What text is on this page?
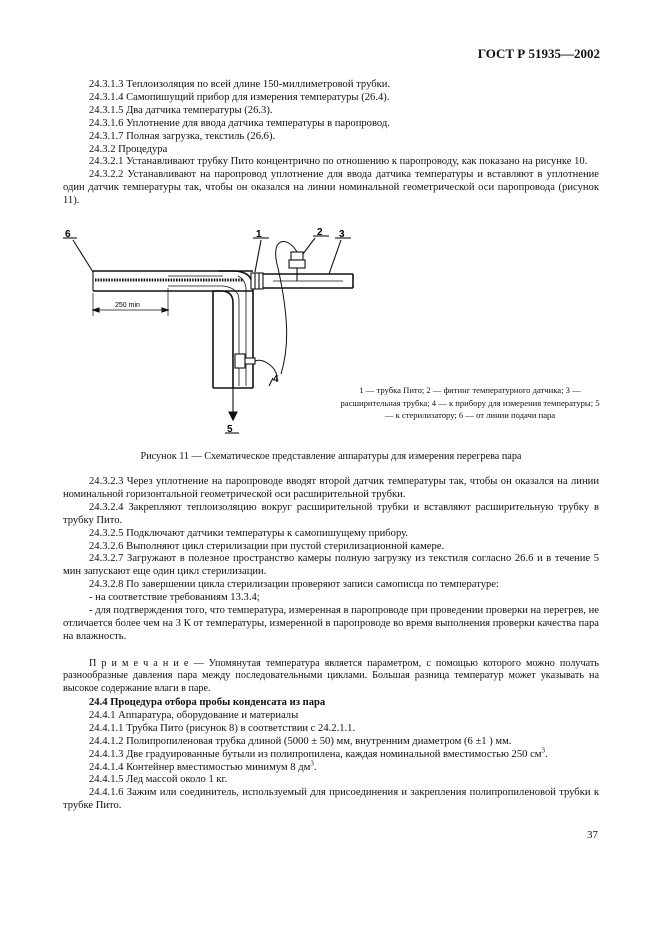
ГОСТ Р 51935—2002

24.3.1.3 Теплоизоляция по всей длине 150-миллиметровой трубки.

24.3.1.4 Самопишущий прибор для измерения температуры (26.4).

24.3.1.5 Два датчика температуры (26.3).

24.3.1.6 Уплотнение для ввода датчика температуры в паропровод.

24.3.1.7 Полная загрузка, текстиль (26.6).

24.3.2 Процедура

24.3.2.1 Устанавливают трубку Пито концентрично по отношению к паропроводу, как показано на рисунке 10.

24.3.2.2 Устанавливают на паропровод уплотнение для ввода датчика температуры и вставляют в уплотнение один датчик температуры так, чтобы он оказался на линии номинальной геометрической оси паропровода (рисунок 11).

6	1	2 3
4
5
250 min
1 — трубка Пито; 2 — фитинг температурного датчика; 3 — расширительная трубка; 4 — к прибору для измерения температуры; 5 — к стерилизатору; 6 — от линии подачи пара
Рисунок 11 — Схематическое представление аппаратуры для измерения перегрева пара

24.3.2.3 Через уплотнение на паропроводе вводят второй датчик температуры так, чтобы он оказался на линии номинальной горизонтальной геометрической оси расширительной трубки.

24.3.2.4 Закрепляют теплоизоляцию вокруг расширительной трубки и вставляют расширительную трубку в трубку Пито.

24.3.2.5 Подключают датчики температуры к самопишущему прибору.

24.3.2.6 Выполняют цикл стерилизации при пустой стерилизационной камере.

24.3.2.7 Загружают в полезное пространство камеры полную загрузку из текстиля согласно 26.6 и в течение 5 мин запускают еще один цикл стерилизации.

24.3.2.8 По завершении цикла стерилизации проверяют записи самописца по температуре:

- на соответствие требованиям 13.3.4;

- для подтверждения того, что температура, измеренная в паропроводе при проведении проверки на перегрев, не отличается более чем на 3 К от температуры, измеренной в паропроводе во время выполнения проверки качества пара на влажность.

П р и м е ч а н и е — Упомянутая температура является параметром, с помощью которого можно получать разнообразные давления пара между последовательными циклами. Большая разница температур может указывать на высокое содержание влаги в паре.

24.4 Процедура отбора пробы конденсата из пара

24.4.1 Аппаратура, оборудование и материалы

24.4.1.1 Трубка Пито (рисунок 8) в соответствии с 24.2.1.1.

24.4.1.2 Полипропиленовая трубка длиной (5000 ± 50) мм, внутренним диаметром (6 ±1 ) мм.

24.4.1.3 Две градуированные бутыли из полипропилена, каждая номинальной вместимостью 250 $см^3$.

24.4.1.4 Контейнер вместимостью минимум 8 $дм^3$.

24.4.1.5 Лед массой около 1 кг.

24.4.1.6 Зажим или соединитель, используемый для присоединения и закрепления полипропиленовой трубки к трубке Пито.

37
